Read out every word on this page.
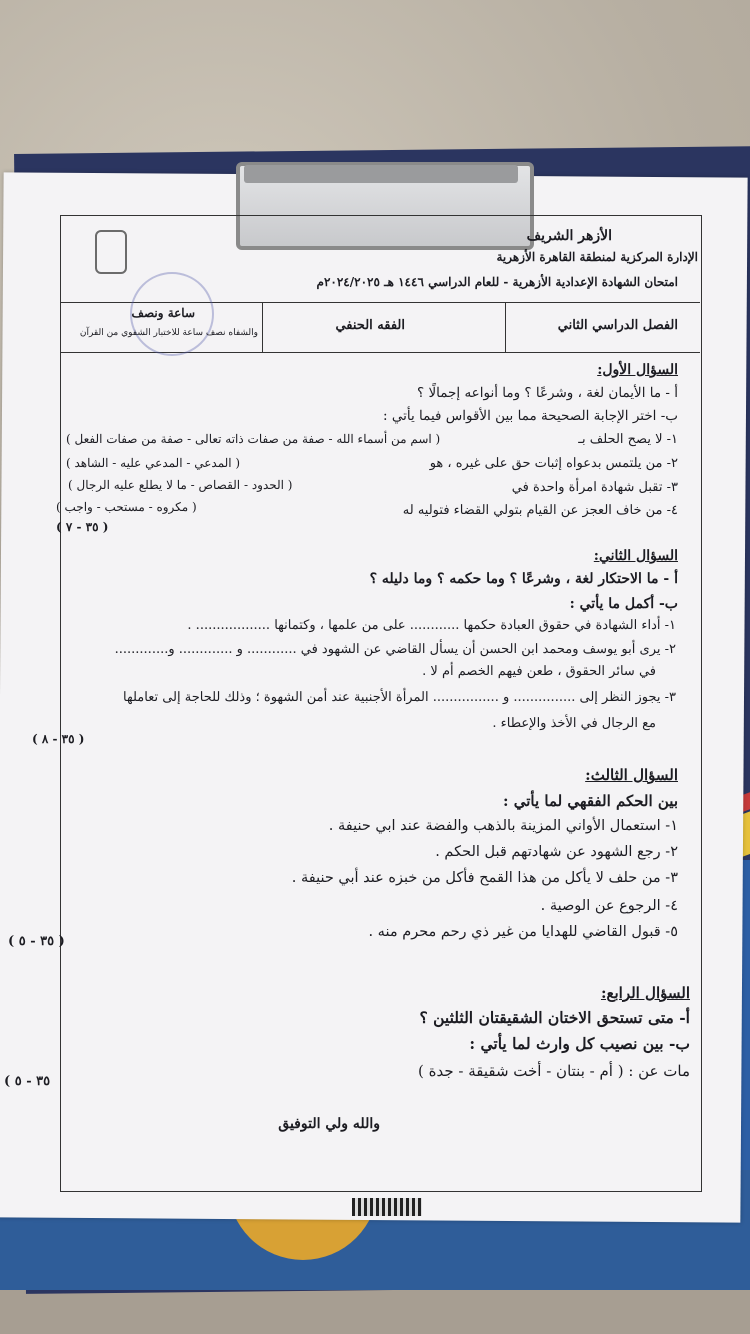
الأزهر الشريف
الإدارة المركزية لمنطقة القاهرة الأزهرية
امتحان الشهادة الإعدادية الأزهرية - للعام الدراسي ١٤٤٦ هـ ٢٠٢٤/٢٠٢٥م
الفصل الدراسي الثاني
الفقه الحنفي
ساعة ونصف
والشفاه نصف ساعة للاختبار الشفوي من القرآن
السؤال الأول:
أ - ما الأيمان لغة ، وشرعًا ؟ وما أنواعه إجمالًا ؟
ب- اختر الإجابة الصحيحة مما بين الأقواس فيما يأتي :
١- لا يصح الحلف بـ
( اسم من أسماء الله - صفة من صفات ذاته تعالى - صفة من صفات الفعل )
٢- من يلتمس بدعواه إثبات حق على غيره ، هو
( المدعي - المدعي عليه - الشاهد )
٣- تقبل شهادة امرأة واحدة في
( الحدود - القصاص - ما لا يطلع عليه الرجال )
٤- من خاف العجز عن القيام بتولي القضاء فتوليه له
( مكروه - مستحب - واجب )
( ٣٥ - ٧ )
السؤال الثاني:
أ - ما الاحتكار لغة ، وشرعًا ؟ وما حكمه ؟ وما دليله ؟
ب- أكمل ما يأتي :
١- أداء الشهادة في حقوق العبادة حكمها ............ على من علمها ، وكتمانها .................. .
٢- يرى أبو يوسف ومحمد ابن الحسن أن يسأل القاضي عن الشهود في ............ و ............. و.............
في سائر الحقوق ، طعن فيهم الخصم أم لا .
٣- يجوز النظر إلى ............... و ................ المرأة الأجنبية عند أمن الشهوة ؛ وذلك للحاجة إلى تعاملها
مع الرجال في الأخذ والإعطاء .
( ٣٥ - ٨ )
السؤال الثالث:
بين الحكم الفقهي لما يأتي :
١- استعمال الأواني المزينة بالذهب والفضة عند ابي حنيفة .
٢- رجع الشهود عن شهادتهم قبل الحكم .
٣- من حلف لا يأكل من هذا القمح فأكل من خبزه عند أبي حنيفة .
٤- الرجوع عن الوصية .
٥- قبول القاضي للهدايا من غير ذي رحم محرم منه .
( ٣٥ - ٥ )
السؤال الرابع:
أ- متى تستحق الاختان الشقيقتان الثلثين ؟
ب- بين نصيب كل وارث لما يأتي :
مات عن : ( أم - بنتان - أخت شقيقة - جدة )
٣٥ - ٥ )
والله ولي التوفيق
